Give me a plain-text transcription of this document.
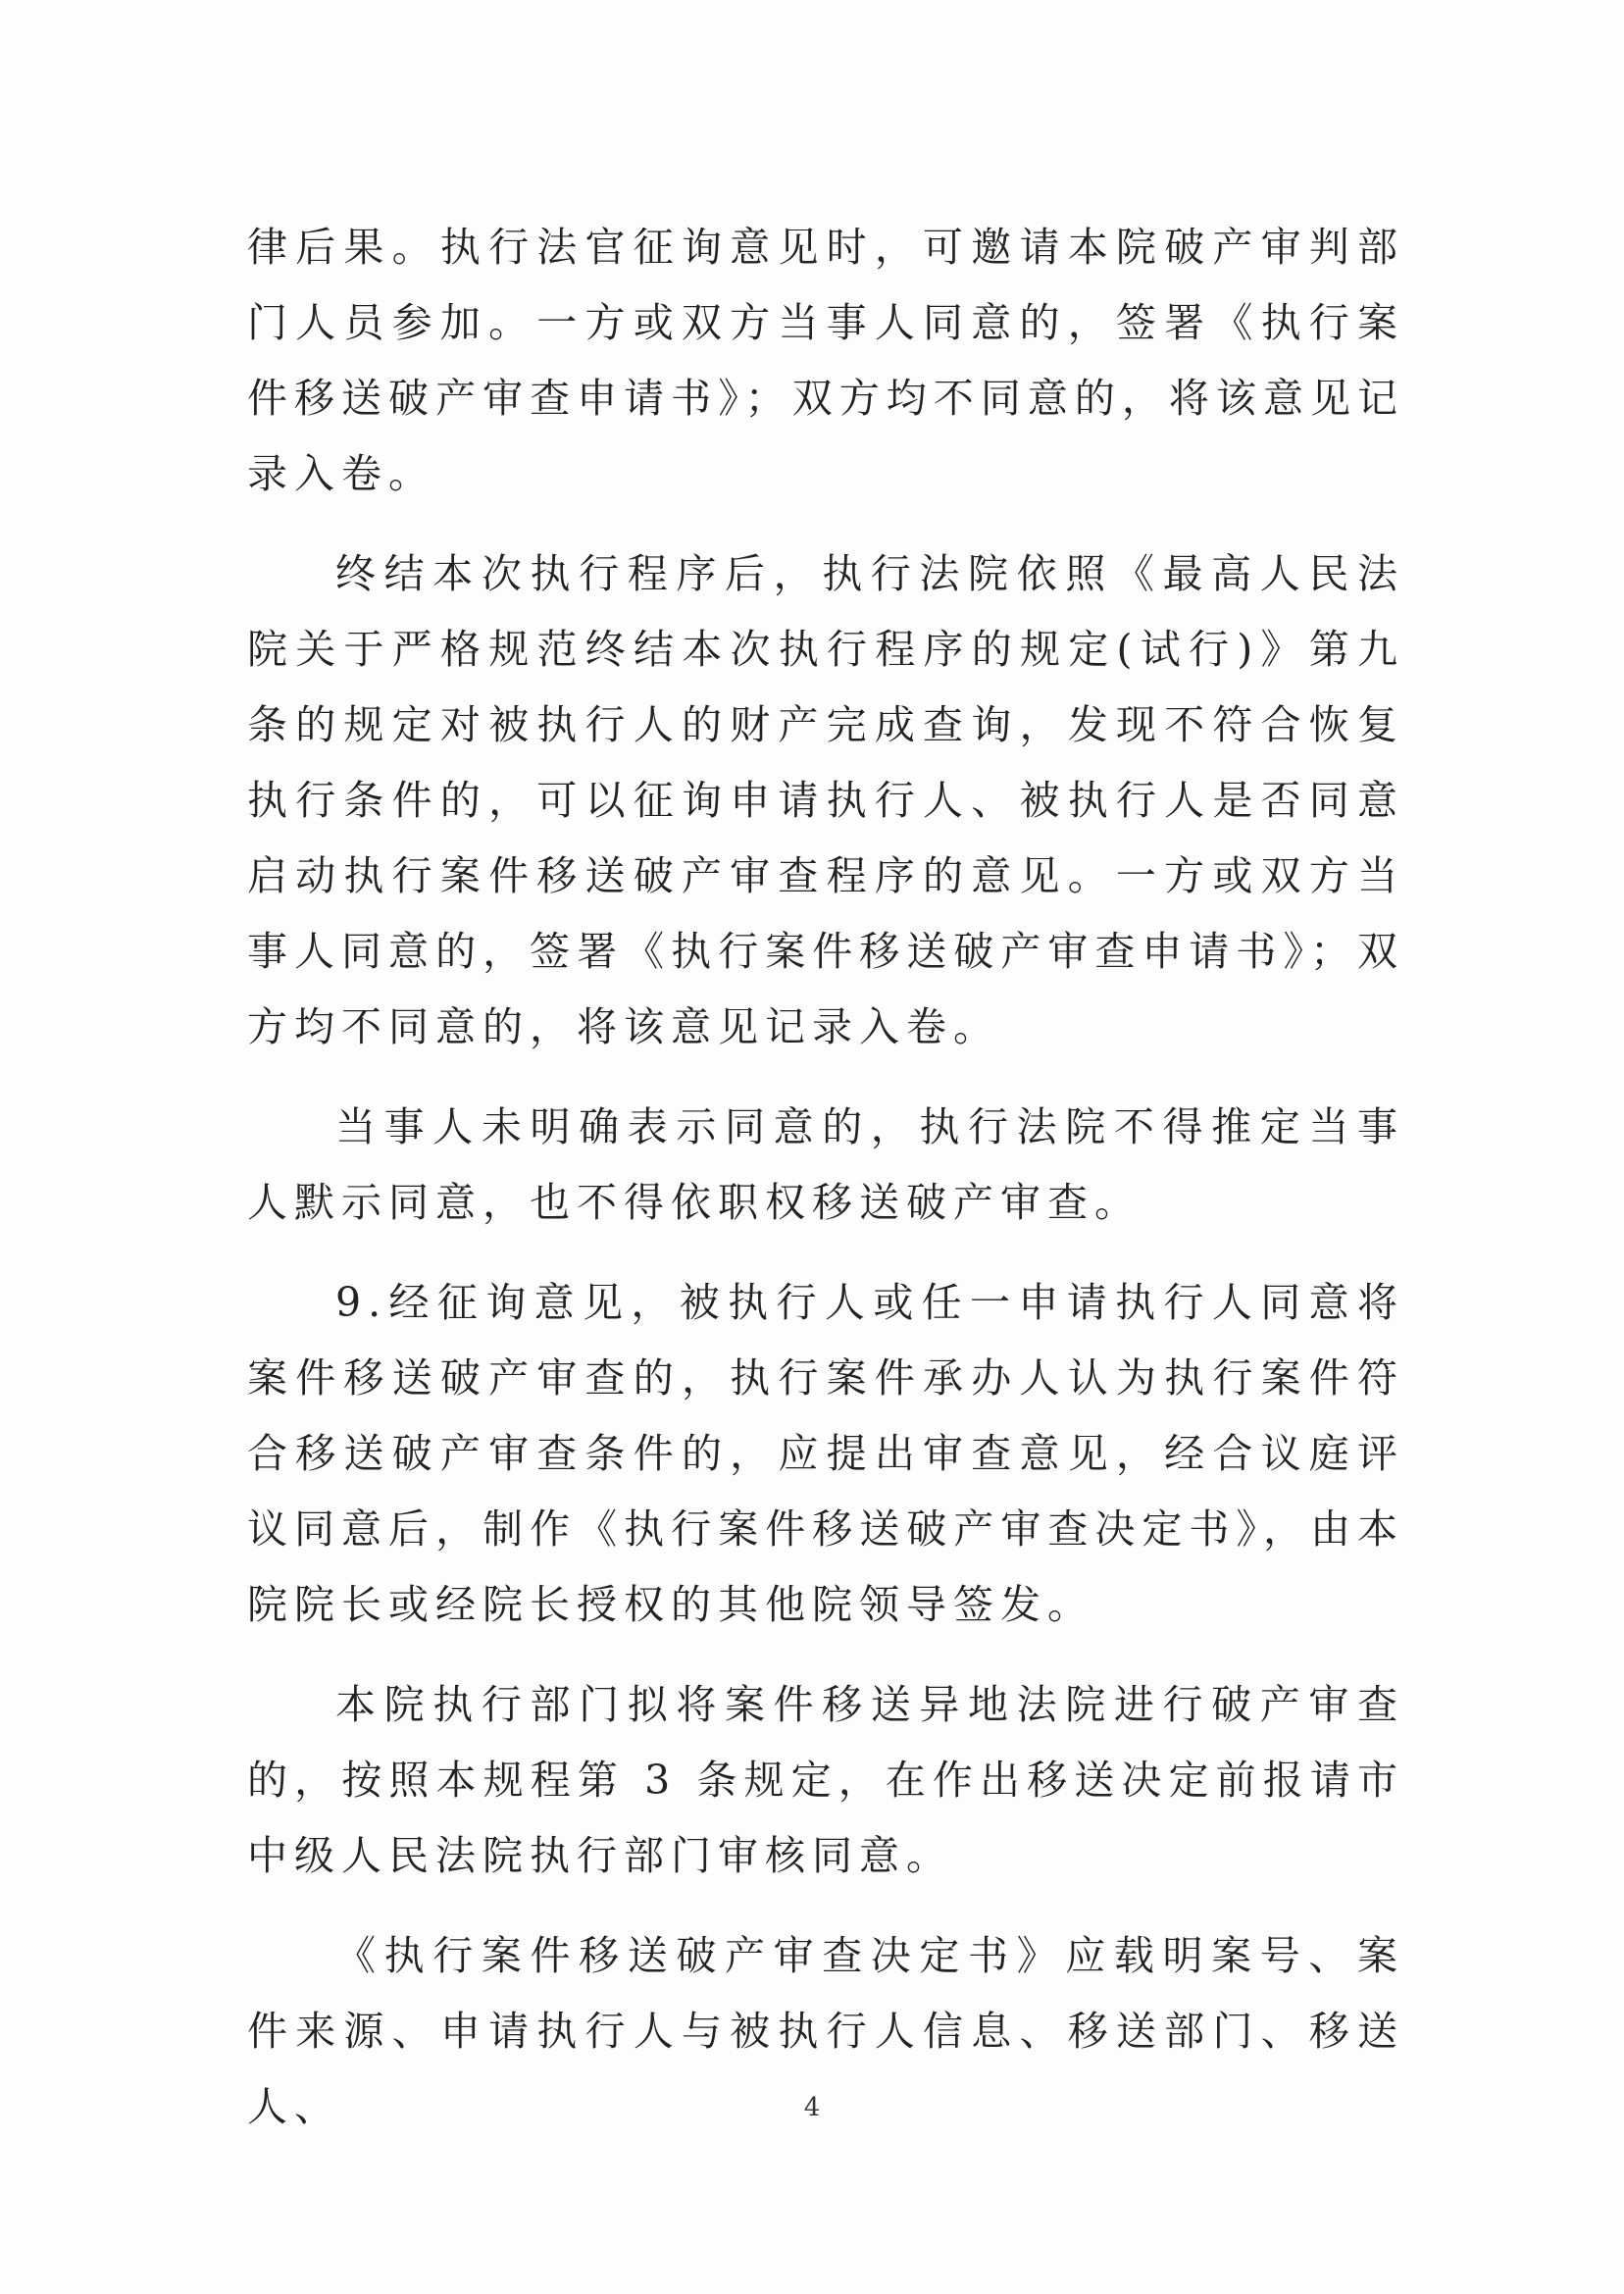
律后果。执行法官征询意见时，可邀请本院破产审判部门人员参加。一方或双方当事人同意的，签署《执行案件移送破产审查申请书》；双方均不同意的，将该意见记录入卷。

终结本次执行程序后，执行法院依照《最高人民法院关于严格规范终结本次执行程序的规定(试行)》第九条的规定对被执行人的财产完成查询，发现不符合恢复执行条件的，可以征询申请执行人、被执行人是否同意启动执行案件移送破产审查程序的意见。一方或双方当事人同意的，签署《执行案件移送破产审查申请书》；双方均不同意的，将该意见记录入卷。

当事人未明确表示同意的，执行法院不得推定当事人默示同意，也不得依职权移送破产审查。

9.经征询意见，被执行人或任一申请执行人同意将案件移送破产审查的，执行案件承办人认为执行案件符合移送破产审查条件的，应提出审查意见，经合议庭评议同意后，制作《执行案件移送破产审查决定书》，由本院院长或经院长授权的其他院领导签发。

本院执行部门拟将案件移送异地法院进行破产审查的，按照本规程第 3 条规定，在作出移送决定前报请市中级人民法院执行部门审核同意。

《执行案件移送破产审查决定书》应载明案号、案件来源、申请执行人与被执行人信息、移送部门、移送人、	4
